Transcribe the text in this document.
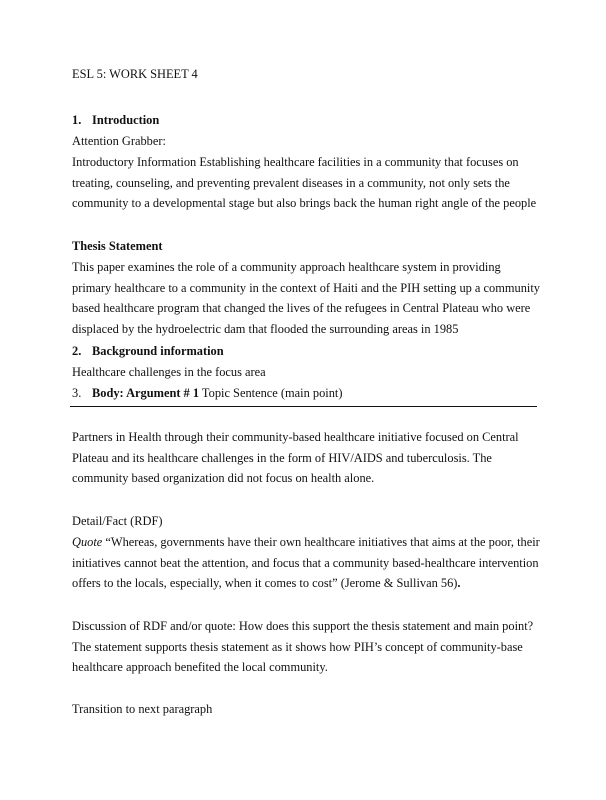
ESL 5: WORK SHEET 4

1. Introduction

Attention Grabber:

Introductory Information Establishing healthcare facilities in a community that focuses on treating, counseling, and preventing prevalent diseases in a community, not only sets the community to a developmental stage but also brings back the human right angle of the people

Thesis Statement

This paper examines the role of a community approach healthcare system in providing primary healthcare to a community in the context of Haiti and the PIH setting up a community based healthcare program that changed the lives of the refugees in Central Plateau who were displaced by the hydroelectric dam that flooded the surrounding areas in 1985

2. Background information

Healthcare challenges in the focus area

3. Body: Argument # 1 Topic Sentence (main point)

Partners in Health through their community-based healthcare initiative focused on Central Plateau and its healthcare challenges in the form of HIV/AIDS and tuberculosis. The community based organization did not focus on health alone.

Detail/Fact (RDF)

Quote “Whereas, governments have their own healthcare initiatives that aims at the poor, their initiatives cannot beat the attention, and focus that a community based-healthcare intervention offers to the locals, especially, when it comes to cost” (Jerome & Sullivan 56).

Discussion of RDF and/or quote: How does this support the thesis statement and main point? The statement supports thesis statement as it shows how PIH’s concept of community-base healthcare approach benefited the local community.

Transition to next paragraph
